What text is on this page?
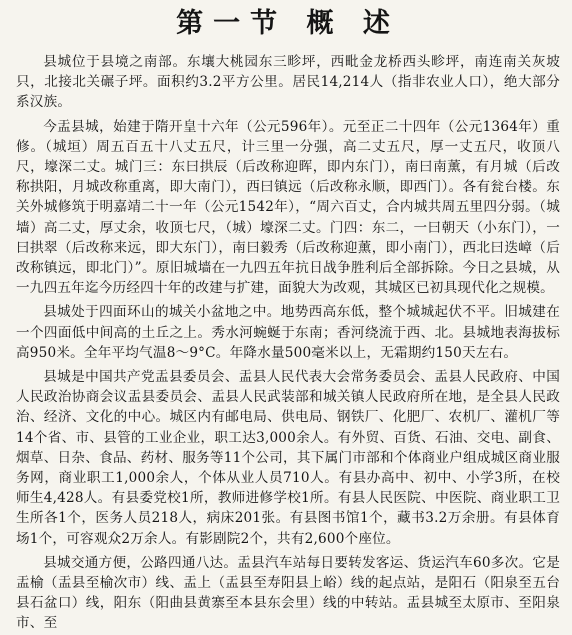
第一节 概 述

县城位于县境之南部。东壤大桃园东三畛坪，西毗金龙桥西头畛坪，南连南关灰坡只，北接北关碾子坪。面积约3.2平方公里。居民14,214人（指非农业人口），绝大部分系汉族。

今盂县城，始建于隋开皇十六年（公元596年）。元至正二十四年（公元1364年）重修。（城垣）周五百五十八丈五尺，计三里一分强，高二丈五尺，厚一丈五尺，收顶八尺，壕深二丈。城门三：东曰拱辰（后改称迎晖，即内东门），南曰南薰，有月城（后改称拱阳，月城改称重离，即大南门），西曰镇远（后改称永顺，即西门）。各有瓮台楼。东关外城修筑于明嘉靖二十一年（公元1542年），“周六百丈，合内城共周五里四分弱。（城墙）高二丈，厚丈余，收顶七尺，（城）壕深二丈。门四：东二，一曰朝天（小东门），一曰拱翠（后改称来远，即大东门），南曰毅秀（后改称迎薰，即小南门），西北曰迭嶂（后改称镇远，即北门）”。原旧城墙在一九四五年抗日战争胜利后全部拆除。今日之县城，从一九四五年迄今历经四十年的改建与扩建，面貌大为改观，其城区已初具现代化之规模。

县城处于四面环山的城关小盆地之中。地势西高东低，整个城城起伏不平。旧城建在一个四面低中间高的土丘之上。秀水河蜿蜒于东南；香河绕流于西、北。县城地表海拔标高950米。全年平均气温8～9°C。年降水量500毫米以上，无霜期约150天左右。

县城是中国共产党盂县委员会、盂县人民代表大会常务委员会、盂县人民政府、中国人民政治协商会议盂县委员会、盂县人民武装部和城关镇人民政府所在地，是全县人民政治、经济、文化的中心。城区内有邮电局、供电局、钢铁厂、化肥厂、农机厂、灌机厂等14个省、市、县管的工业企业，职工达3,000余人。有外贸、百货、石油、交电、副食、烟草、日杂、食品、药材、服务等11个公司，其下属门市部和个体商业户组成城区商业服务网，商业职工1,000余人，个体从业人员710人。有县办高中、初中、小学3所，在校师生4,428人。有县委党校1所，教师进修学校1所。有县人民医院、中医院、商业职工卫生所各1个，医务人员218人，病床201张。有县图书馆1个，藏书3.2万余册。有县体育场1个，可容观众2万余人。有影剧院2个，共有2,600个座位。

县城交通方便，公路四通八达。盂县汽车站每日要转发客运、货运汽车60多次。它是盂榆（盂县至榆次市）线、盂上（盂县至寿阳县上峪）线的起点站，是阳石（阳泉至五台县石盆口）线，阳东（阳曲县黄寨至本县东会里）线的中转站。盂县城至太原市、至阳泉市、至
